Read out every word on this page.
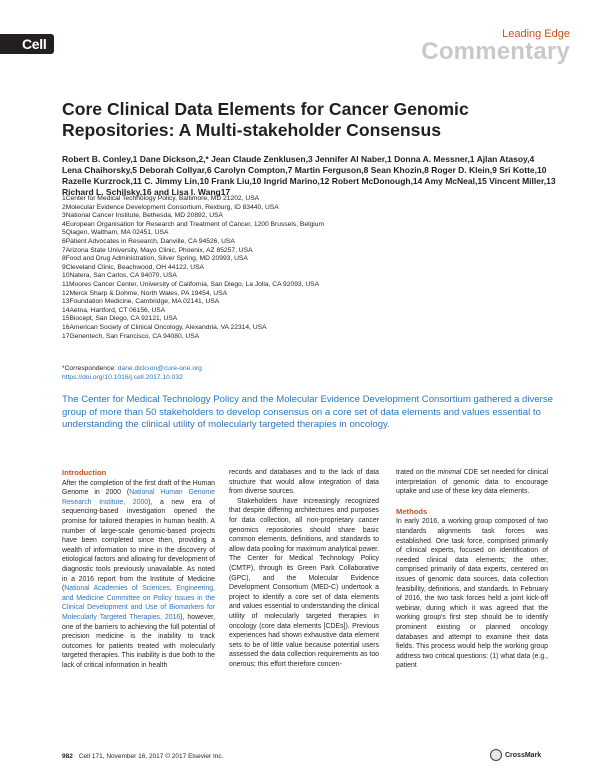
Cell
Leading Edge
Commentary
Core Clinical Data Elements for Cancer Genomic
Repositories: A Multi-stakeholder Consensus
Robert B. Conley,1 Dane Dickson,2,* Jean Claude Zenklusen,3 Jennifer Al Naber,1 Donna A. Messner,1 Ajlan Atasoy,4
Lena Chaihorsky,5 Deborah Collyar,6 Carolyn Compton,7 Martin Ferguson,8 Sean Khozin,8 Roger D. Klein,9 Sri Kotte,10
Razelle Kurzrock,11 C. Jimmy Lin,10 Frank Liu,10 Ingrid Marino,12 Robert McDonough,14 Amy McNeal,15 Vincent Miller,13
Richard L. Schilsky,16 and Lisa I. Wang17
1Center for Medical Technology Policy, Baltimore, MD 21202, USA
2Molecular Evidence Development Consortium, Rexburg, ID 83440, USA
3National Cancer Institute, Bethesda, MD 20892, USA
4European Organisation for Research and Treatment of Cancer, 1200 Brussels, Belgium
5Qiagen, Waltham, MA 02451, USA
6Patient Advocates in Research, Danville, CA 94526, USA
7Arizona State University, Mayo Clinic, Phoenix, AZ 85257, USA
8Food and Drug Administration, Silver Spring, MD 20993, USA
9Cleveland Clinic, Beachwood, OH 44122, USA
10Natera, San Carlos, CA 94070, USA
11Moores Cancer Center, University of California, San Diego, La Jolla, CA 92093, USA
12Merck Sharp & Dohme, North Wales, PA 19454, USA
13Foundation Medicine, Cambridge, MA 02141, USA
14Aetna, Hartford, CT 06156, USA
15Biocept, San Diego, CA 92121, USA
16American Society of Clinical Oncology, Alexandria, VA 22314, USA
17Genentech, San Francisco, CA 94080, USA
*Correspondence: dane.dickson@cure-one.org
https://doi.org/10.1016/j.cell.2017.10.032
The Center for Medical Technology Policy and the Molecular Evidence Development Consortium gathered a diverse group of more than 50 stakeholders to develop consensus on a core set of data elements and values essential to understanding the clinical utility of molecularly targeted therapies in oncology.
Introduction
After the completion of the first draft of the Human Genome in 2000 (National Human Genome Research Institute, 2000), a new era of sequencing-based investigation opened the promise for tailored therapies in human health. A number of large-scale genomic-based projects have been completed since then, providing a wealth of information to mine in the discovery of etiological factors and allowing for development of diagnostic tools previously unavailable. As noted in a 2016 report from the Institute of Medicine (National Academies of Sciences, Engineering, and Medicine Committee on Policy Issues in the Clinical Development and Use of Biomarkers for Molecularly Targeted Therapies, 2016), however, one of the barriers to achieving the full potential of precision medicine is the inability to track outcomes for patients treated with molecularly targeted therapies. This inability is due both to the lack of critical information in health
records and databases and to the lack of data structure that would allow integration of data from diverse sources.
Stakeholders have increasingly recognized that despite differing architectures and purposes for data collection, all non-proprietary cancer genomics repositories should share basic common elements, definitions, and standards to allow data pooling for maximum analytical power. The Center for Medical Technology Policy (CMTP), through its Green Park Collaborative (GPC), and the Molecular Evidence Development Consortium (MED-C) undertook a project to identify a core set of data elements and values essential to understanding the clinical utility of molecularly targeted therapies in oncology (core data elements [CDEs]). Previous experiences had shown exhaustive data element sets to be of little value because potential users assessed the data collection requirements as too onerous; this effort therefore concen-
trated on the minimal CDE set needed for clinical interpretation of genomic data to encourage uptake and use of these key data elements.
Methods
In early 2016, a working group composed of two standards alignments task forces was established. One task force, comprised primarily of clinical experts, focused on identification of needed clinical data elements; the other, comprised primarily of data experts, centered on issues of genomic data sources, data collection feasibility, definitions, and standards. In February of 2016, the two task forces held a joint kick-off webinar, during which it was agreed that the working group's first step should be to identify prominent existing or planned oncology databases and attempt to examine their data fields. This process would help the working group address two critical questions: (1) what data (e.g., patient
982 Cell 171, November 16, 2017 © 2017 Elsevier Inc.	CrossMark
